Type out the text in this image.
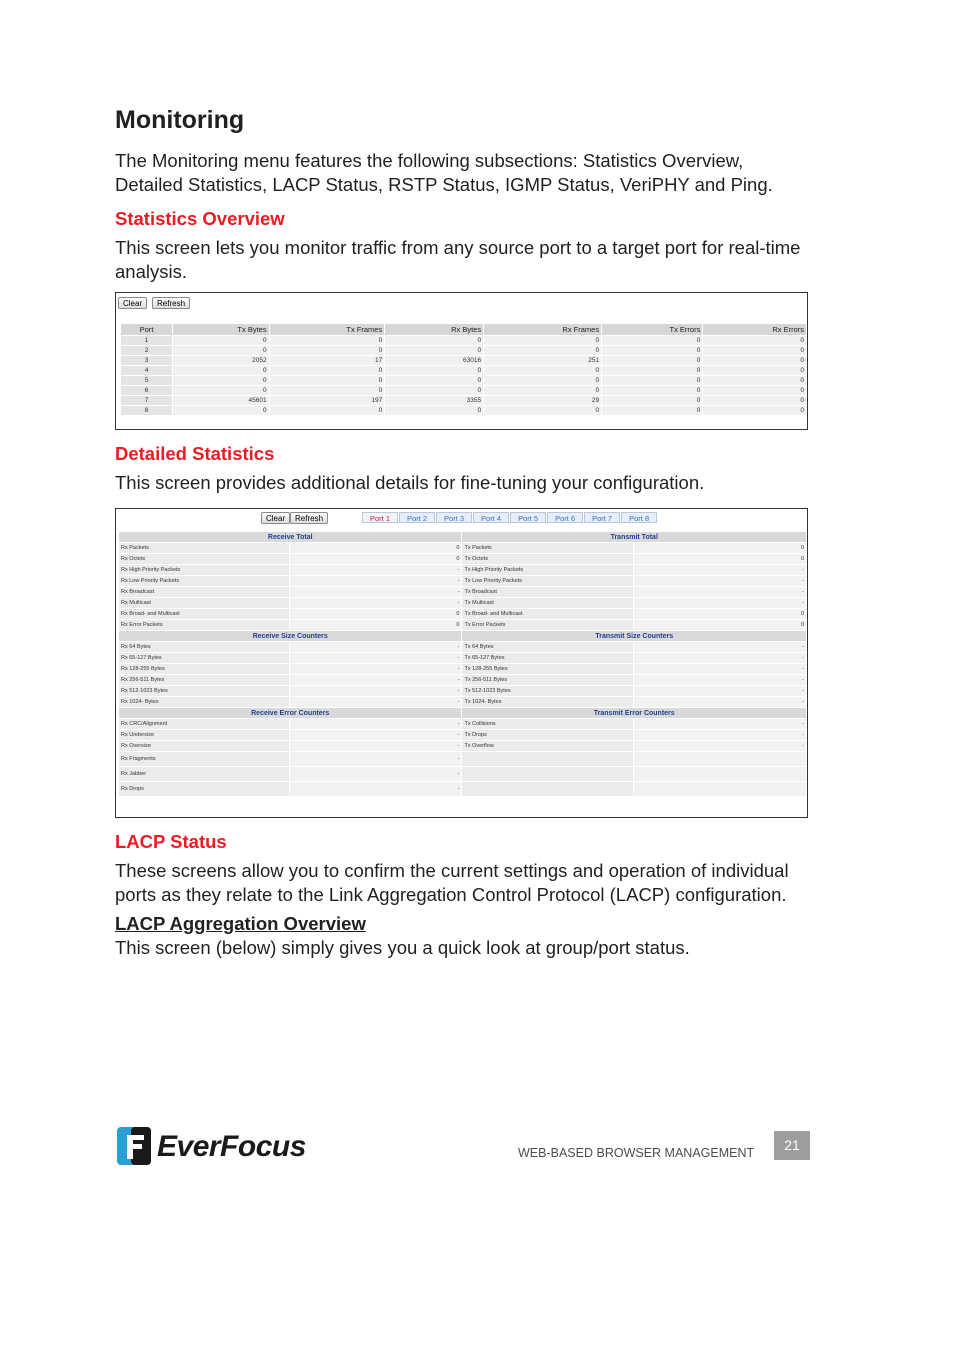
Monitoring

The Monitoring menu features the following subsections: Statistics Overview, Detailed Statistics, LACP Status, RSTP Status, IGMP Status, VeriPHY and Ping.

Statistics Overview

This screen lets you monitor traffic from any source port to a target port for real-time analysis.

Clear	Refresh
Port	Tx Bytes	Tx Frames	Rx Bytes	Rx Frames	Tx Errors	Rx Errors
1	0	0	0	0	0	0
2	0	0	0	0	0	0
3	2052	17	63016	251	0	0
4	0	0	0	0	0	0
5	0	0	0	0	0	0
6	0	0	0	0	0	0
7	45601	197	3355	29	0	0
8	0	0	0	0	0	0

Detailed Statistics

This screen provides additional details for fine-tuning your configuration.

Clear	Refresh	Port 1	Port 2	Port 3	Port 4	Port 5	Port 6	Port 7	Port 8
Receive Total		Transmit Total	
Rx Packets	0	Tx Packets	0
Rx Octets	0	Tx Octets	0
Rx High Priority Packets	-	Tx High Priority Packets	-
Rx Low Priority Packets	-	Tx Low Priority Packets	-
Rx Broadcast	-	Tx Broadcast	-
Rx Multicast	-	Tx Multicast	-
Rx Broad- and Multicast	0	Tx Broad- and Multicast	0
Rx Error Packets	0	Tx Error Packets	0
Receive Size Counters		Transmit Size Counters	
Rx 64 Bytes	-	Tx 64 Bytes	-
Rx 65-127 Bytes	-	Tx 65-127 Bytes	-
Rx 128-255 Bytes	-	Tx 128-255 Bytes	-
Rx 256-511 Bytes	-	Tx 256-511 Bytes	-
Rx 512-1023 Bytes	-	Tx 512-1023 Bytes	-
Rx 1024- Bytes	-	Tx 1024- Bytes	-
Receive Error Counters		Transmit Error Counters	
Rx CRC/Alignment	-	Tx Collisions	-
Rx Undersize	-	Tx Drops	-
Rx Oversize	-	Tx Overflow	-
Rx Fragments	-		
Rx Jabber	-		
Rx Drops	-		

LACP Status

These screens allow you to confirm the current settings and operation of individual ports as they relate to the Link Aggregation Control Protocol (LACP) configuration.

LACP Aggregation Overview

This screen (below) simply gives you a quick look at group/port status.

EverFocus	WEB-BASED BROWSER MANAGEMENT	21
